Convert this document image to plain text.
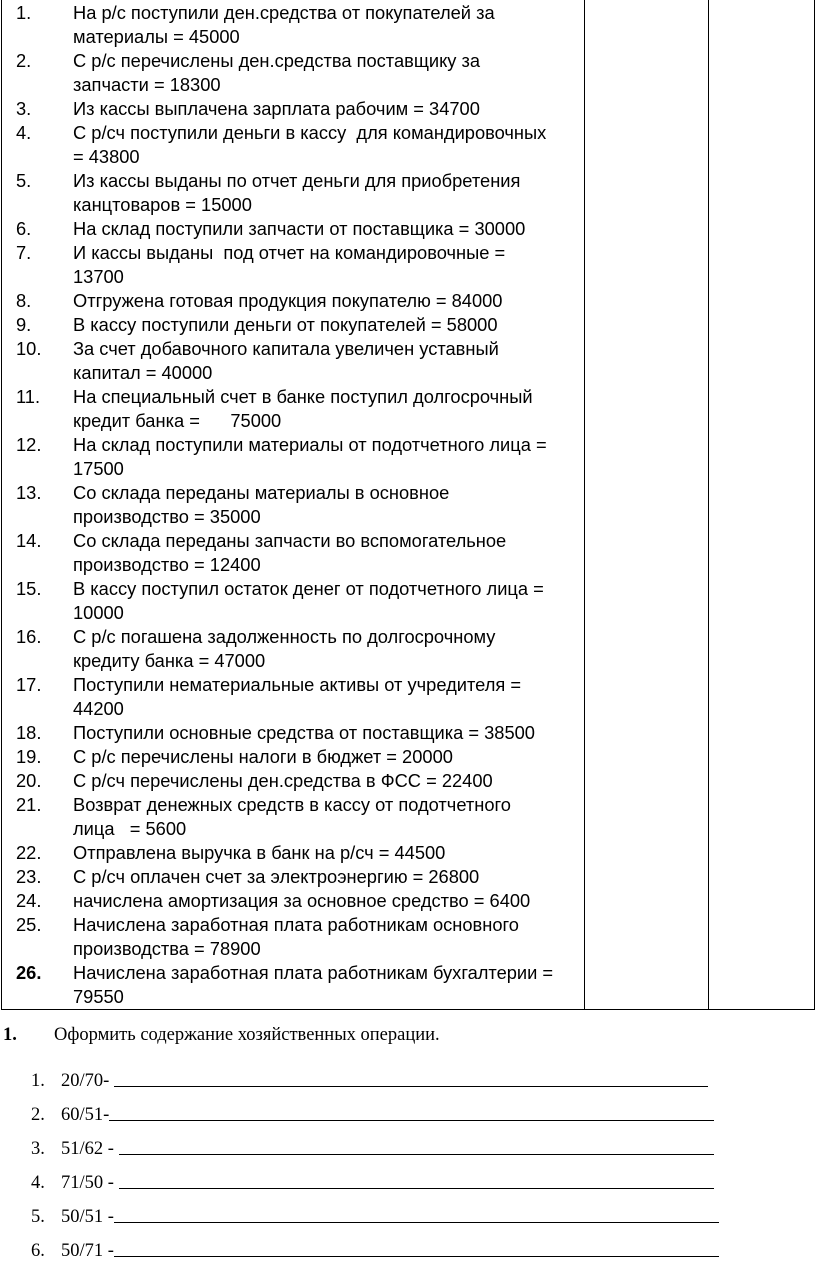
1.	На р/с поступили ден.средства от покупателей за
материалы = 45000
2.	С р/с перечислены ден.средства поставщику за
запчасти = 18300
3.	Из кассы выплачена зарплата рабочим = 34700
4.	С р/сч поступили деньги в кассу  для командировочных
= 43800
5.	Из кассы выданы по отчет деньги для приобретения
канцтоваров = 15000
6.	На склад поступили запчасти от поставщика = 30000
7.	И кассы выданы  под отчет на командировочные =
13700
8.	Отгружена готовая продукция покупателю = 84000
9.	В кассу поступили деньги от покупателей = 58000
10.	За счет добавочного капитала увеличен уставный
капитал = 40000
11.	На специальный счет в банке поступил долгосрочный
кредит банка =      75000
12.	На склад поступили материалы от подотчетного лица =
17500
13.	Со склада переданы материалы в основное
производство = 35000
14.	Со склада переданы запчасти во вспомогательное
производство = 12400
15.	В кассу поступил остаток денег от подотчетного лица =
10000
16.	С р/с погашена задолженность по долгосрочному
кредиту банка = 47000
17.	Поступили нематериальные активы от учредителя =
44200
18.	Поступили основные средства от поставщика = 38500
19.	С р/с перечислены налоги в бюджет = 20000
20.	С р/сч перечислены ден.средства в ФСС = 22400
21.	Возврат денежных средств в кассу от подотчетного
лица   = 5600
22.	Отправлена выручка в банк на р/сч = 44500
23.	С р/сч оплачен счет за электроэнергию = 26800
24.	начислена амортизация за основное средство = 6400
25.	Начислена заработная плата работникам основного
производства = 78900
26.	Начислена заработная плата работникам бухгалтерии =
79550
1. Оформить содержание хозяйственных операции.
1. 20/70-
2. 60/51-
3. 51/62 -
4. 71/50 -
5. 50/51 -
6. 50/71 -
